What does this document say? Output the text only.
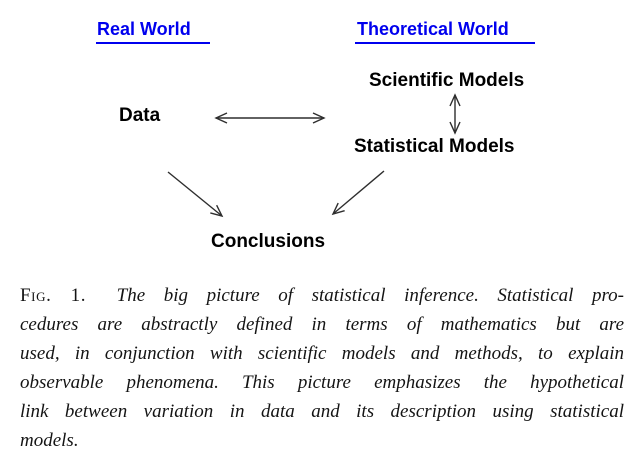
Real World	Theoretical World
Data
Scientific Models
Statistical Models
Conclusions
Fig. 1. The big picture of statistical inference. Statistical pro-
cedures are abstractly defined in terms of mathematics but are
used, in conjunction with scientific models and methods, to explain
observable phenomena. This picture emphasizes the hypothetical
link between variation in data and its description using statistical
models.
